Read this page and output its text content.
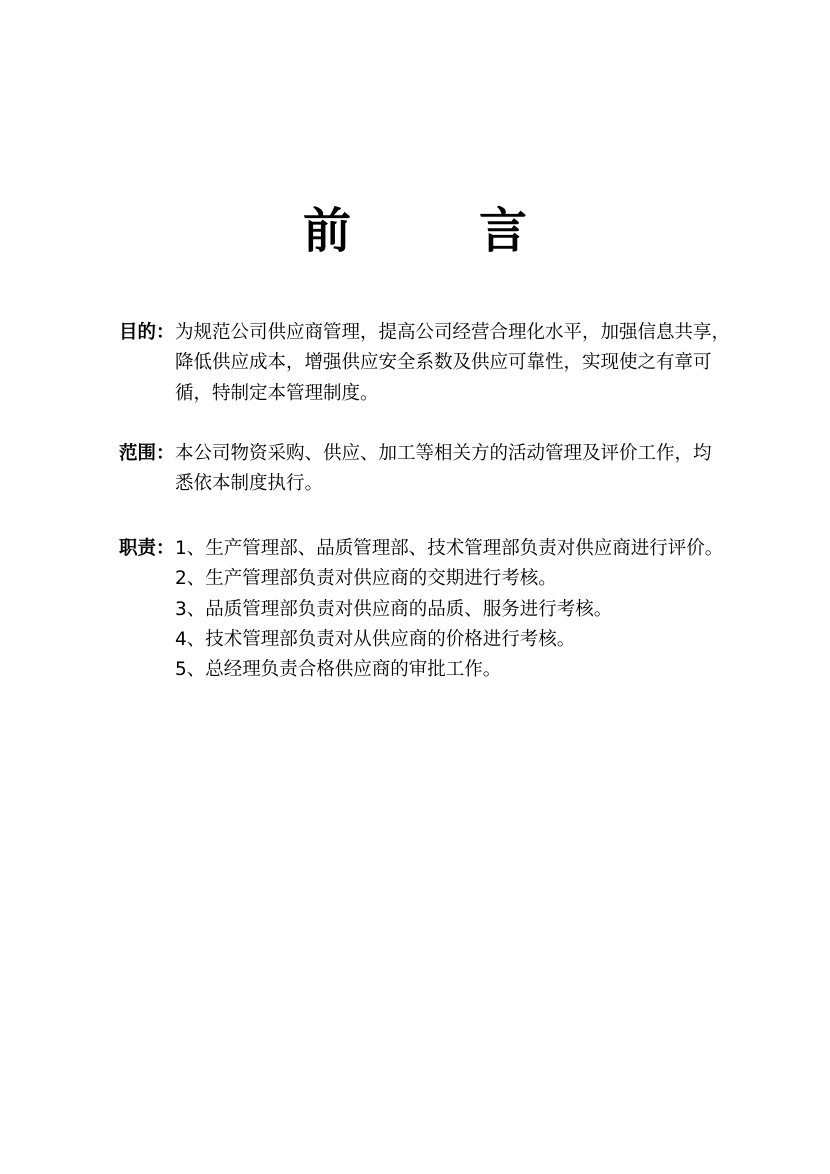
前　言
目的： 为规范公司供应商管理，提高公司经营合理化水平，加强信息共享，
降低供应成本，增强供应安全系数及供应可靠性，实现使之有章可
循，特制定本管理制度。
范围： 本公司物资采购、供应、加工等相关方的活动管理及评价工作，均
悉依本制度执行。
职责： 1、生产管理部、品质管理部、技术管理部负责对供应商进行评价。
2、生产管理部负责对供应商的交期进行考核。
3、品质管理部负责对供应商的品质、服务进行考核。
4、技术管理部负责对从供应商的价格进行考核。
5、总经理负责合格供应商的审批工作。
